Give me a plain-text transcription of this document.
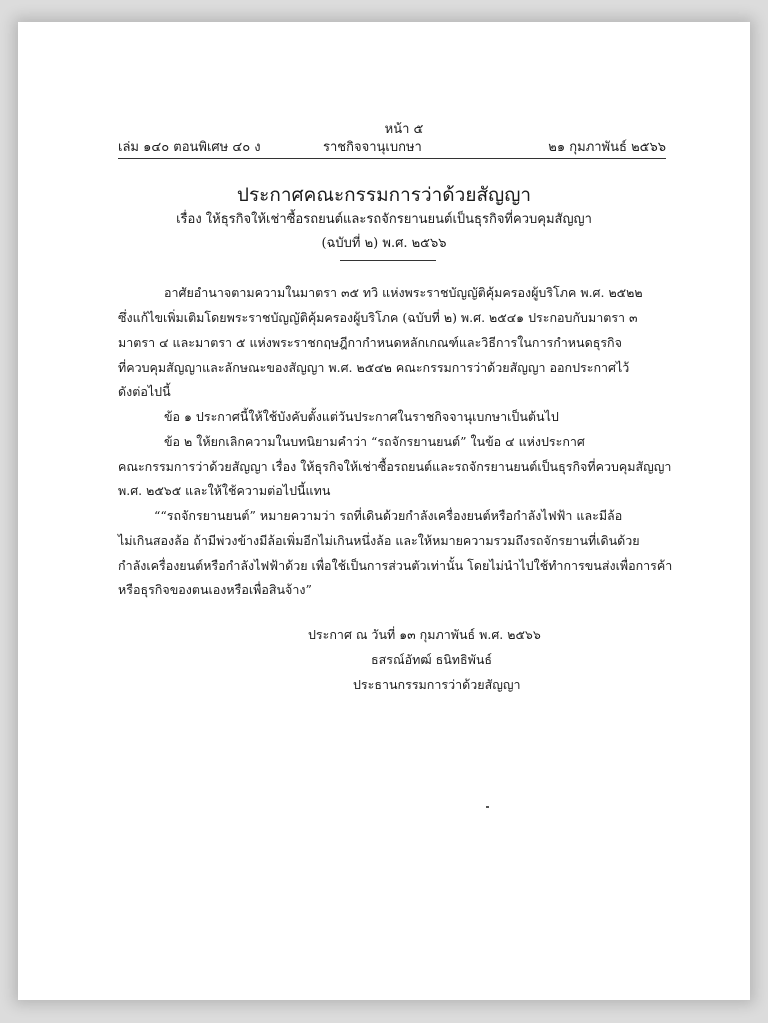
หน้า ๕
เล่ม ๑๔๐ ตอนพิเศษ ๔๐ ง	ราชกิจจานุเบกษา	๒๑ กุมภาพันธ์ ๒๕๖๖
ประกาศคณะกรรมการว่าด้วยสัญญา
เรื่อง ให้ธุรกิจให้เช่าซื้อรถยนต์และรถจักรยานยนต์เป็นธุรกิจที่ควบคุมสัญญา
(ฉบับที่ ๒) พ.ศ. ๒๕๖๖
อาศัยอำนาจตามความในมาตรา ๓๕ ทวิ แห่งพระราชบัญญัติคุ้มครองผู้บริโภค พ.ศ. ๒๕๒๒
ซึ่งแก้ไขเพิ่มเติมโดยพระราชบัญญัติคุ้มครองผู้บริโภค (ฉบับที่ ๒) พ.ศ. ๒๕๔๑ ประกอบกับมาตรา ๓
มาตรา ๔ และมาตรา ๕ แห่งพระราชกฤษฎีกากำหนดหลักเกณฑ์และวิธีการในการกำหนดธุรกิจ
ที่ควบคุมสัญญาและลักษณะของสัญญา พ.ศ. ๒๕๔๒ คณะกรรมการว่าด้วยสัญญา ออกประกาศไว้
ดังต่อไปนี้
ข้อ ๑ ประกาศนี้ให้ใช้บังคับตั้งแต่วันประกาศในราชกิจจานุเบกษาเป็นต้นไป
ข้อ ๒ ให้ยกเลิกความในบทนิยามคำว่า “รถจักรยานยนต์” ในข้อ ๔ แห่งประกาศ
คณะกรรมการว่าด้วยสัญญา เรื่อง ให้ธุรกิจให้เช่าซื้อรถยนต์และรถจักรยานยนต์เป็นธุรกิจที่ควบคุมสัญญา
พ.ศ. ๒๕๖๕ และให้ใช้ความต่อไปนี้แทน
““รถจักรยานยนต์” หมายความว่า รถที่เดินด้วยกำลังเครื่องยนต์หรือกำลังไฟฟ้า และมีล้อ
ไม่เกินสองล้อ ถ้ามีพ่วงข้างมีล้อเพิ่มอีกไม่เกินหนึ่งล้อ และให้หมายความรวมถึงรถจักรยานที่เดินด้วย
กำลังเครื่องยนต์หรือกำลังไฟฟ้าด้วย เพื่อใช้เป็นการส่วนตัวเท่านั้น โดยไม่นำไปใช้ทำการขนส่งเพื่อการค้า
หรือธุรกิจของตนเองหรือเพื่อสินจ้าง”
ประกาศ ณ วันที่ ๑๓ กุมภาพันธ์ พ.ศ. ๒๕๖๖
ธสรณ์อัทฒ์ ธนิทธิพันธ์
ประธานกรรมการว่าด้วยสัญญา
